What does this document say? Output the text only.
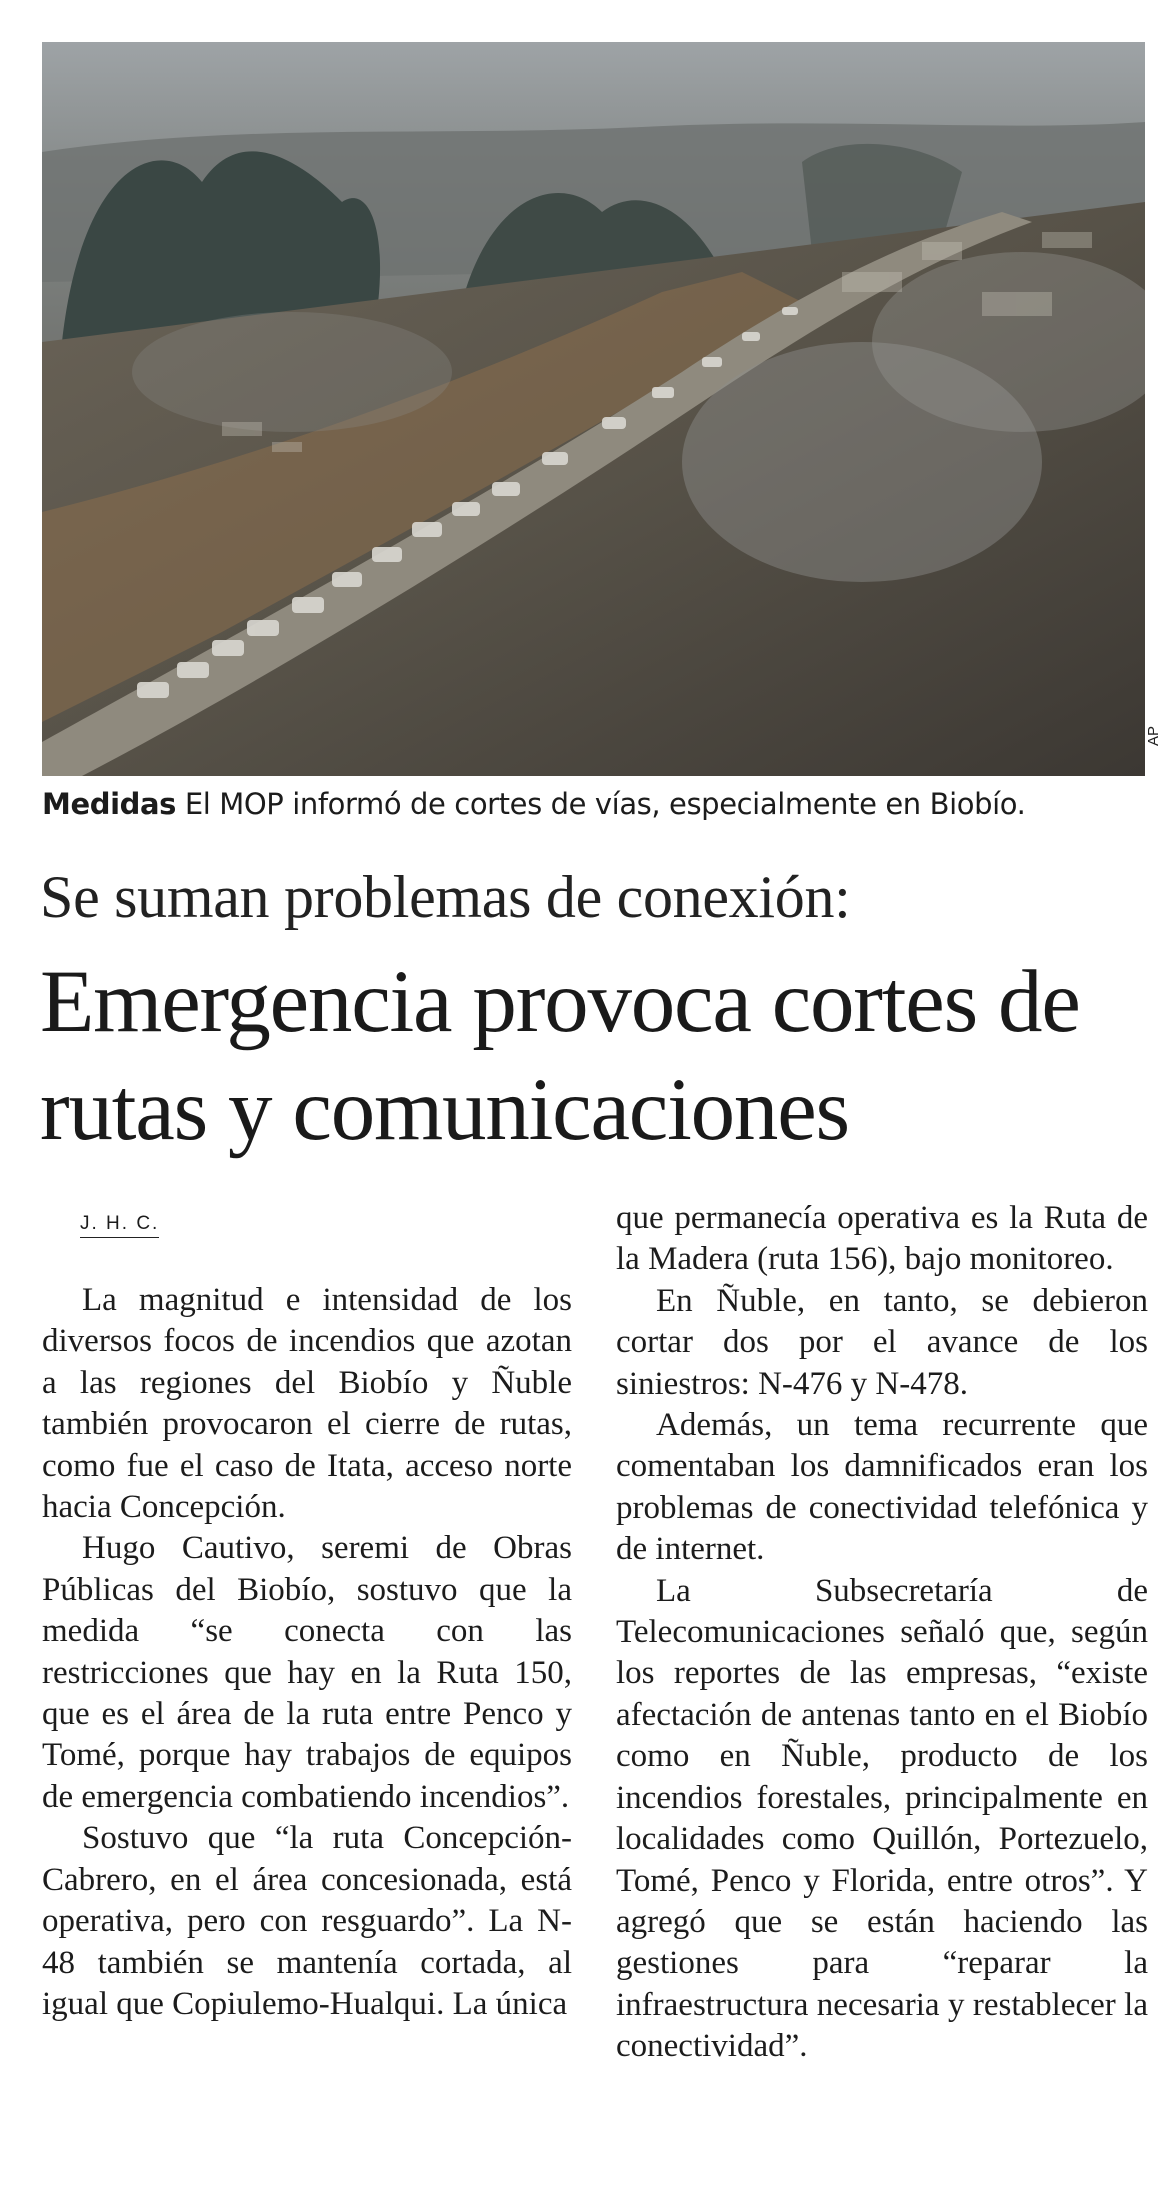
AP
Medidas El MOP informó de cortes de vías, especialmente en Biobío.
Se suman problemas de conexión:
Emergencia provoca cortes de rutas y comunicaciones
J. H. C.

La magnitud e intensidad de los diversos focos de incendios que azotan a las regiones del Biobío y Ñuble también provocaron el cierre de rutas, como fue el caso de Itata, acceso norte hacia Concepción.

Hugo Cautivo, seremi de Obras Públicas del Biobío, sostuvo que la medida “se conecta con las restricciones que hay en la Ruta 150, que es el área de la ruta entre Penco y Tomé, porque hay trabajos de equipos de emergencia combatiendo incendios”.

Sostuvo que “la ruta Concepción-Cabrero, en el área concesionada, está operativa, pero con resguardo”. La N-48 también se mantenía cortada, al igual que Copiulemo-Hualqui. La única

que permanecía operativa es la Ruta de la Madera (ruta 156), bajo monitoreo.

En Ñuble, en tanto, se debieron cortar dos por el avance de los siniestros: N-476 y N-478.

Además, un tema recurrente que comentaban los damnificados eran los problemas de conectividad telefónica y de internet.

La Subsecretaría de Telecomunicaciones señaló que, según los reportes de las empresas, “existe afectación de antenas tanto en el Biobío como en Ñuble, producto de los incendios forestales, principalmente en localidades como Quillón, Portezuelo, Tomé, Penco y Florida, entre otros”. Y agregó que se están haciendo las gestiones para “reparar la infraestructura necesaria y restablecer la conectividad”.
